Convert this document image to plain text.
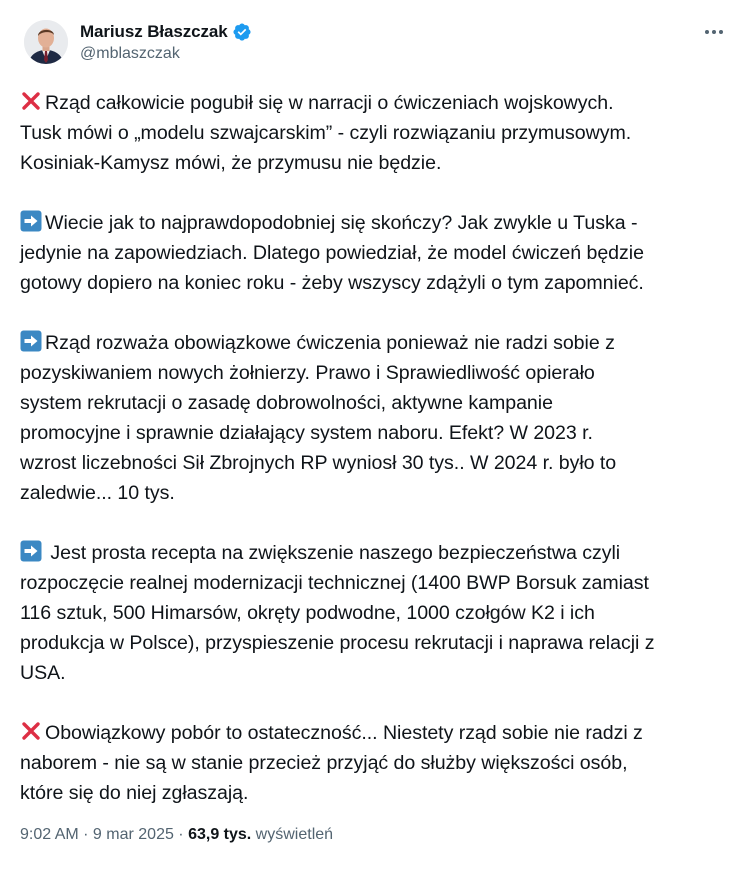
Mariusz Błaszczak
@mblaszczak

Rząd całkowicie pogubił się w narracji o ćwiczeniach wojskowych.
Tusk mówi o „modelu szwajcarskim” - czyli rozwiązaniu przymusowym.
Kosiniak-Kamysz mówi, że przymusu nie będzie.

Wiecie jak to najprawdopodobniej się skończy? Jak zwykle u Tuska -
jedynie na zapowiedziach. Dlatego powiedział, że model ćwiczeń będzie
gotowy dopiero na koniec roku - żeby wszyscy zdążyli o tym zapomnieć.

Rząd rozważa obowiązkowe ćwiczenia ponieważ nie radzi sobie z
pozyskiwaniem nowych żołnierzy. Prawo i Sprawiedliwość opierało
system rekrutacji o zasadę dobrowolności, aktywne kampanie
promocyjne i sprawnie działający system naboru. Efekt? W 2023 r.
wzrost liczebności Sił Zbrojnych RP wyniosł 30 tys.. W 2024 r. było to
zaledwie... 10 tys.

Jest prosta recepta na zwiększenie naszego bezpieczeństwa czyli
rozpoczęcie realnej modernizacji technicznej (1400 BWP Borsuk zamiast
116 sztuk, 500 Himarsów, okręty podwodne, 1000 czołgów K2 i ich
produkcja w Polsce), przyspieszenie procesu rekrutacji i naprawa relacji z
USA.

Obowiązkowy pobór to ostateczność... Niestety rząd sobie nie radzi z
naborem - nie są w stanie przecież przyjąć do służby większości osób,
które się do niej zgłaszają.

9:02 AM · 9 mar 2025 · 63,9 tys. wyświetleń
